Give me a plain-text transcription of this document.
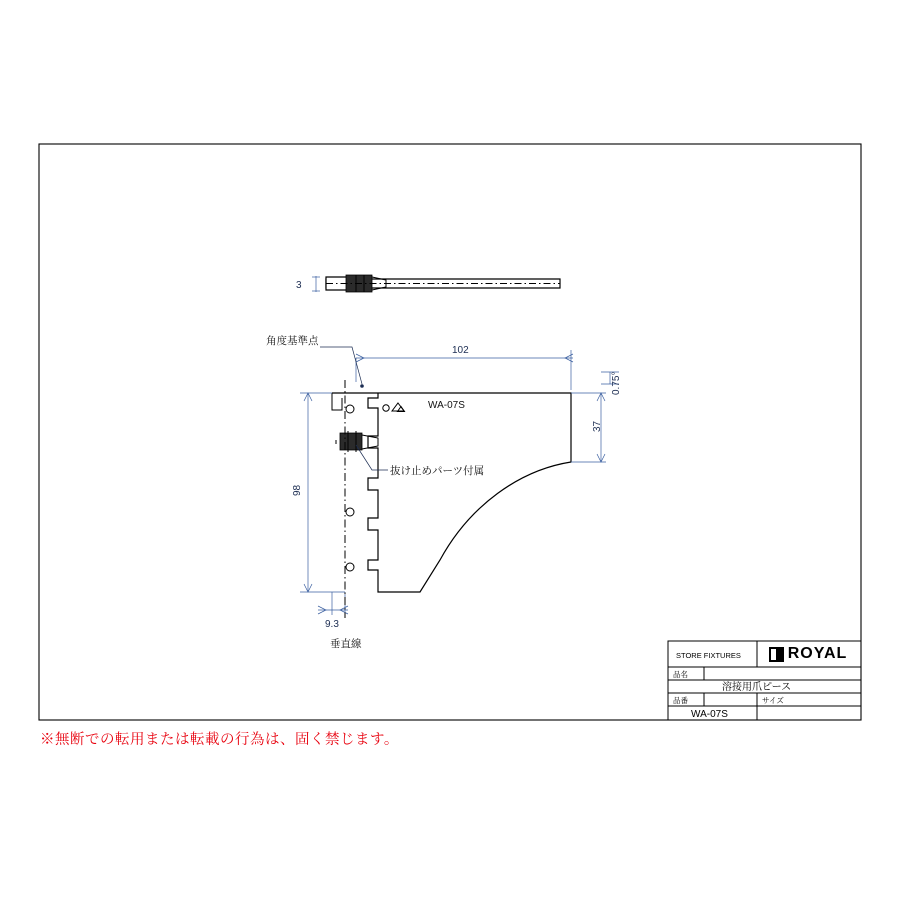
3
WA-07S
102
37
0.75°
98
9.3
角度基準点
抜け止めパーツ付属
垂直線
STORE FIXTURES
品名
溶接用爪ピース
品番
WA-07S
サイズ
ROYAL
※無断での転用または転載の行為は、固く禁じます。
